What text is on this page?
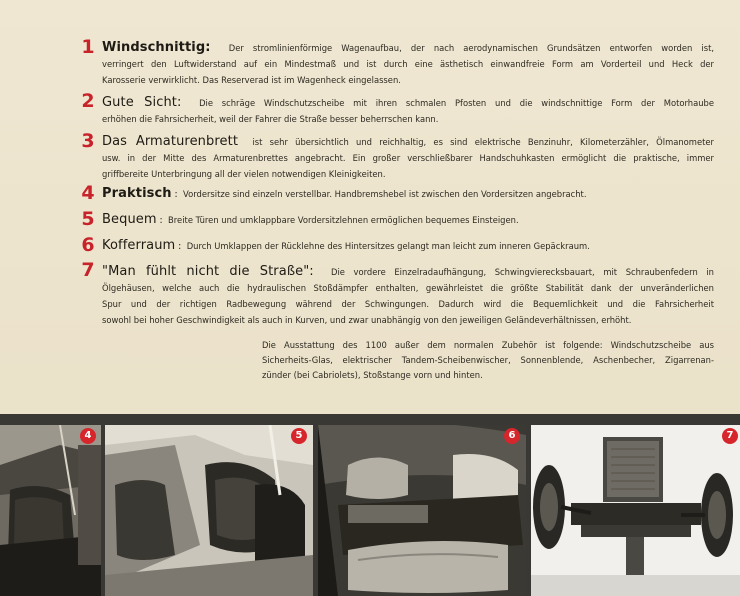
1 Windschnittig: Der stromlinienförmige Wagenaufbau, der nach aerodynamischen Grundsätzen entworfen worden ist,
verringert den Luftwiderstand auf ein Mindestmaß und ist durch eine ästhetisch einwandfreie Form am Vorderteil und Heck der
Karosserie verwirklicht. Das Reserverad ist im Wagenheck eingelassen.
2 Gute Sicht: Die schräge Windschutzscheibe mit ihren schmalen Pfosten und die windschnittige Form der Motorhaube
erhöhen die Fahrsicherheit, weil der Fahrer die Straße besser beherrschen kann.
3 Das Armaturenbrett ist sehr übersichtlich und reichhaltig, es sind elektrische Benzinuhr, Kilometerzähler, Ölmanometer
usw. in der Mitte des Armaturenbrettes angebracht. Ein großer verschließbarer Handschuhkasten ermöglicht die praktische, immer
griffbereite Unterbringung all der vielen notwendigen Kleinigkeiten.
4 Praktisch : Vordersitze sind einzeln verstellbar. Handbremshebel ist zwischen den Vordersitzen angebracht.
5 Bequem : Breite Türen und umklappbare Vordersitzlehnen ermöglichen bequemes Einsteigen.
6 Kofferraum : Durch Umklappen der Rücklehne des Hintersitzes gelangt man leicht zum inneren Gepäckraum.
7 "Man fühlt nicht die Straße": Die vordere Einzelradaufhängung, Schwingvierecksbauart, mit Schraubenfedern in
Ölgehäusen, welche auch die hydraulischen Stoßdämpfer enthalten, gewährleistet die größte Stabilität dank der unveränderlichen
Spur und der richtigen Radbewegung während der Schwingungen. Dadurch wird die Bequemlichkeit und die Fahrsicherheit
sowohl bei hoher Geschwindigkeit als auch in Kurven, und zwar unabhängig von den jeweiligen Geländeverhältnissen, erhöht.
Die Ausstattung des 1100 außer dem normalen Zubehör ist folgende: Windschutzscheibe aus
Sicherheits-Glas, elektrischer Tandem-Scheibenwischer, Sonnenblende, Aschenbecher, Zigarrenan-
zünder (bei Cabriolets), Stoßstange vorn und hinten.
4	5	6	7
